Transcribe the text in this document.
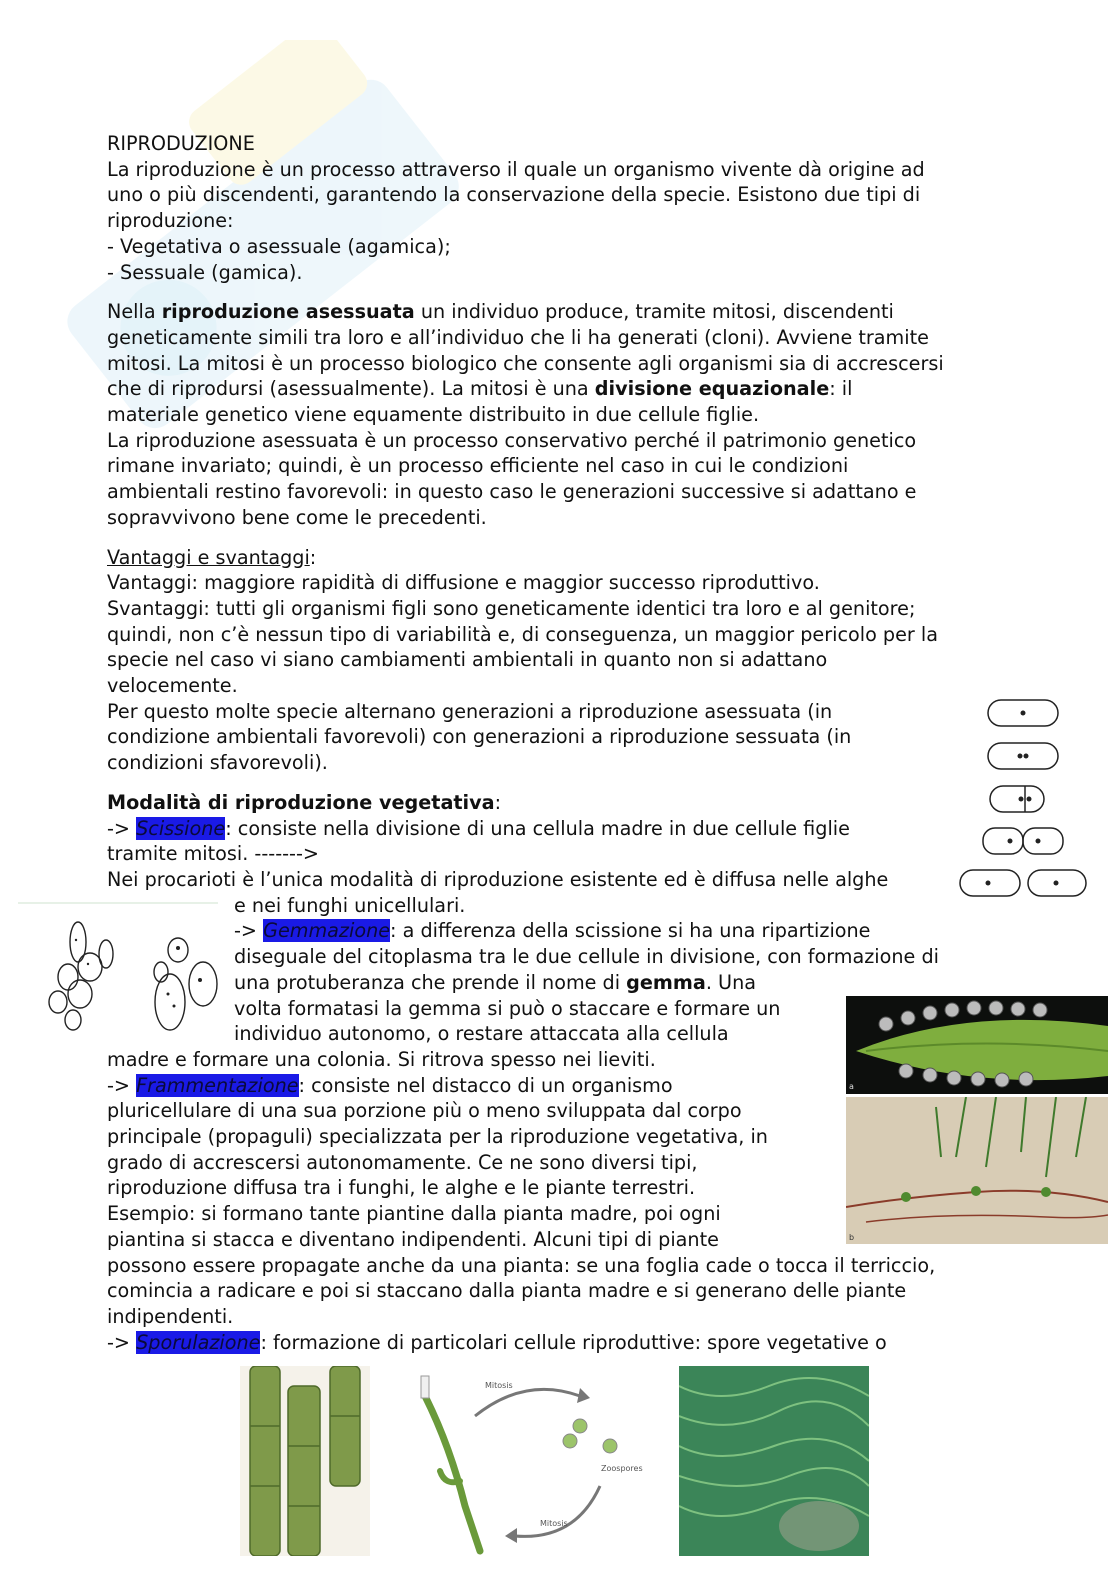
RIPRODUZIONE

La riproduzione è un processo attraverso il quale un organismo vivente dà origine ad

uno o più discendenti, garantendo la conservazione della specie. Esistono due tipi di

riproduzione:

- Vegetativa o asessuale (agamica);

- Sessuale (gamica).

Nella riproduzione asessuata un individuo produce, tramite mitosi, discendenti

geneticamente simili tra loro e all’individuo che li ha generati (cloni). Avviene tramite

mitosi. La mitosi è un processo biologico che consente agli organismi sia di accrescersi

che di riprodursi (asessualmente). La mitosi è una divisione equazionale: il

materiale genetico viene equamente distribuito in due cellule figlie.

La riproduzione asessuata è un processo conservativo perché il patrimonio genetico

rimane invariato; quindi, è un processo efficiente nel caso in cui le condizioni

ambientali restino favorevoli: in questo caso le generazioni successive si adattano e

sopravvivono bene come le precedenti.

Vantaggi e svantaggi:

Vantaggi: maggiore rapidità di diffusione e maggior successo riproduttivo.

Svantaggi: tutti gli organismi figli sono geneticamente identici tra loro e al genitore;

quindi, non c’è nessun tipo di variabilità e, di conseguenza, un maggior pericolo per la

specie nel caso vi siano cambiamenti ambientali in quanto non si adattano

velocemente.

Per questo molte specie alternano generazioni a riproduzione asessuata (in

condizione ambientali favorevoli) con generazioni a riproduzione sessuata (in

condizioni sfavorevoli).

Modalità di riproduzione vegetativa:

-> Scissione: consiste nella divisione di una cellula madre in due cellule figlie

tramite mitosi. ------->

Nei procarioti è l’unica modalità di riproduzione esistente ed è diffusa nelle alghe

e nei funghi unicellulari.

-> Gemmazione: a differenza della scissione si ha una ripartizione

diseguale del citoplasma tra le due cellule in divisione, con formazione di

una protuberanza che prende il nome di gemma. Una

volta formatasi la gemma si può o staccare e formare un

individuo autonomo, o restare attaccata alla cellula

madre e formare una colonia. Si ritrova spesso nei lieviti.

-> Frammentazione: consiste nel distacco di un organismo

pluricellulare di una sua porzione più o meno sviluppata dal corpo

principale (propaguli) specializzata per la riproduzione vegetativa, in

grado di accrescersi autonomamente. Ce ne sono diversi tipi,

riproduzione diffusa tra i funghi, le alghe e le piante terrestri.

Esempio: si formano tante piantine dalla pianta madre, poi ogni

piantina si stacca e diventano indipendenti. Alcuni tipi di piante

possono essere propagate anche da una pianta: se una foglia cade o tocca il terriccio,

comincia a radicare e poi si staccano dalla pianta madre e si generano delle piante

indipendenti.

-> Sporulazione: formazione di particolari cellule riproduttive: spore vegetative o

a
b
Mitosis
Zoospores
Mitosis
